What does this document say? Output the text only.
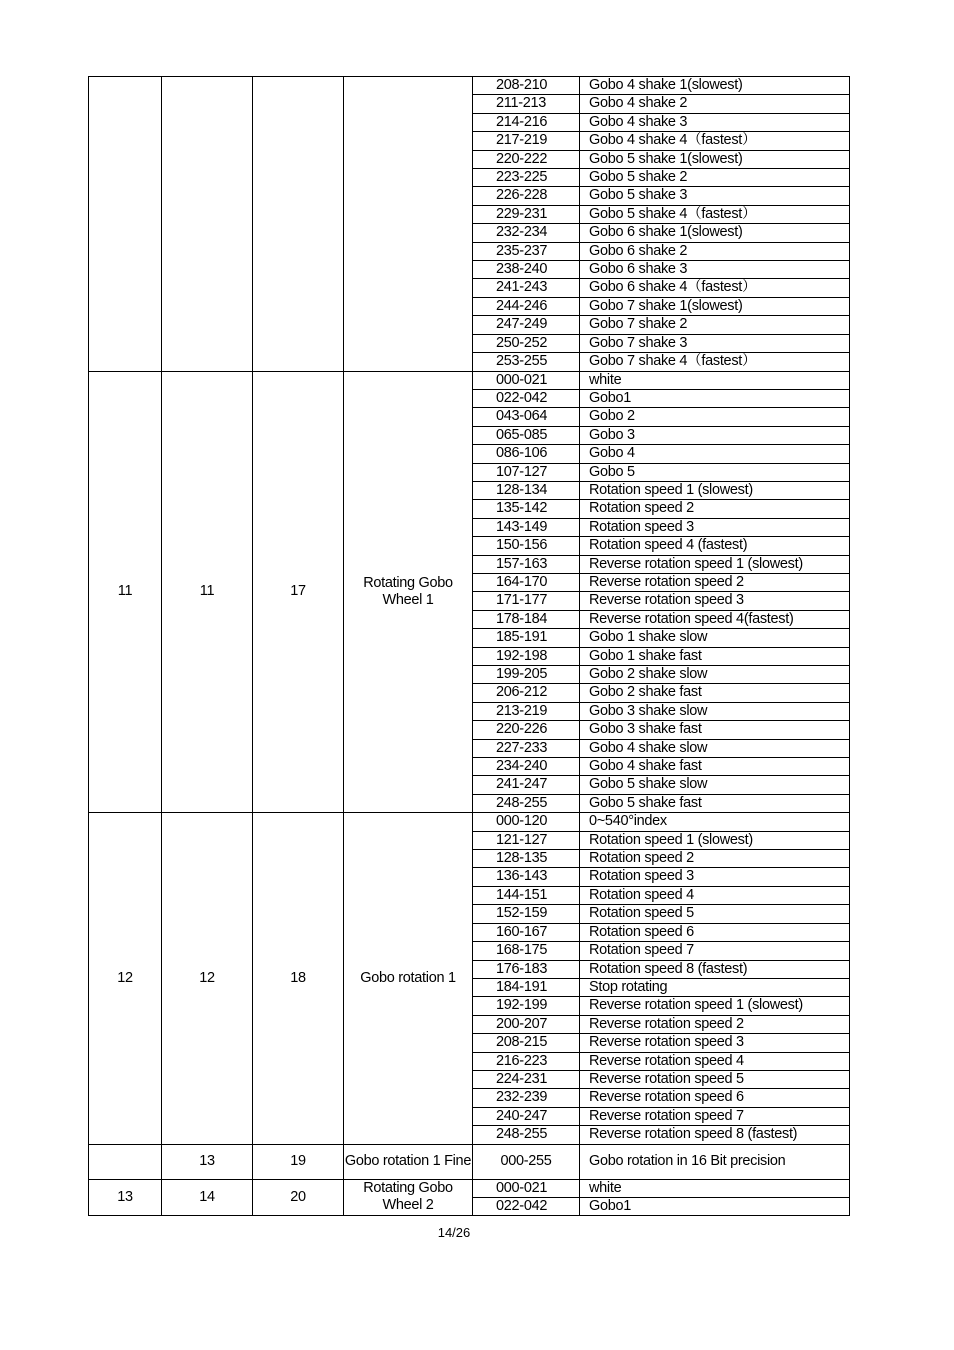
				208-210	Gobo 4 shake 1(slowest)
				211-213	Gobo 4 shake 2
				214-216	Gobo 4 shake 3
				217-219	Gobo 4 shake 4（fastest）
				220-222	Gobo 5 shake 1(slowest)
				223-225	Gobo 5 shake 2
				226-228	Gobo 5 shake 3
				229-231	Gobo 5 shake 4（fastest）
				232-234	Gobo 6 shake 1(slowest)
				235-237	Gobo 6 shake 2
				238-240	Gobo 6 shake 3
				241-243	Gobo 6 shake 4（fastest）
				244-246	Gobo 7 shake 1(slowest)
				247-249	Gobo 7 shake 2
				250-252	Gobo 7 shake 3
				253-255	Gobo 7 shake 4（fastest）
11	11	17	Rotating Gobo Wheel 1	000-021	white
				022-042	Gobo1
				043-064	Gobo 2
				065-085	Gobo 3
				086-106	Gobo 4
				107-127	Gobo 5
				128-134	Rotation speed 1 (slowest)
				135-142	Rotation speed 2
				143-149	Rotation speed 3
				150-156	Rotation speed 4 (fastest)
				157-163	Reverse rotation speed 1 (slowest)
				164-170	Reverse rotation speed 2
				171-177	Reverse rotation speed 3
				178-184	Reverse rotation speed 4(fastest)
				185-191	Gobo 1 shake slow
				192-198	Gobo 1 shake fast
				199-205	Gobo 2 shake slow
				206-212	Gobo 2 shake fast
				213-219	Gobo 3 shake slow
				220-226	Gobo 3 shake fast
				227-233	Gobo 4 shake slow
				234-240	Gobo 4 shake fast
				241-247	Gobo 5 shake slow
				248-255	Gobo 5 shake fast
12	12	18	Gobo rotation 1	000-120	0~540°index
				121-127	Rotation speed 1 (slowest)
				128-135	Rotation speed 2
				136-143	Rotation speed 3
				144-151	Rotation speed 4
				152-159	Rotation speed 5
				160-167	Rotation speed 6
				168-175	Rotation speed 7
				176-183	Rotation speed 8 (fastest)
				184-191	Stop rotating
				192-199	Reverse rotation speed 1 (slowest)
				200-207	Reverse rotation speed 2
				208-215	Reverse rotation speed 3
				216-223	Reverse rotation speed 4
				224-231	Reverse rotation speed 5
				232-239	Reverse rotation speed 6
				240-247	Reverse rotation speed 7
				248-255	Reverse rotation speed 8 (fastest)
	13	19	Gobo rotation 1 Fine	000-255	Gobo rotation in 16 Bit precision
13	14	20	Rotating Gobo Wheel 2	000-021	white
				022-042	Gobo1
14/26
